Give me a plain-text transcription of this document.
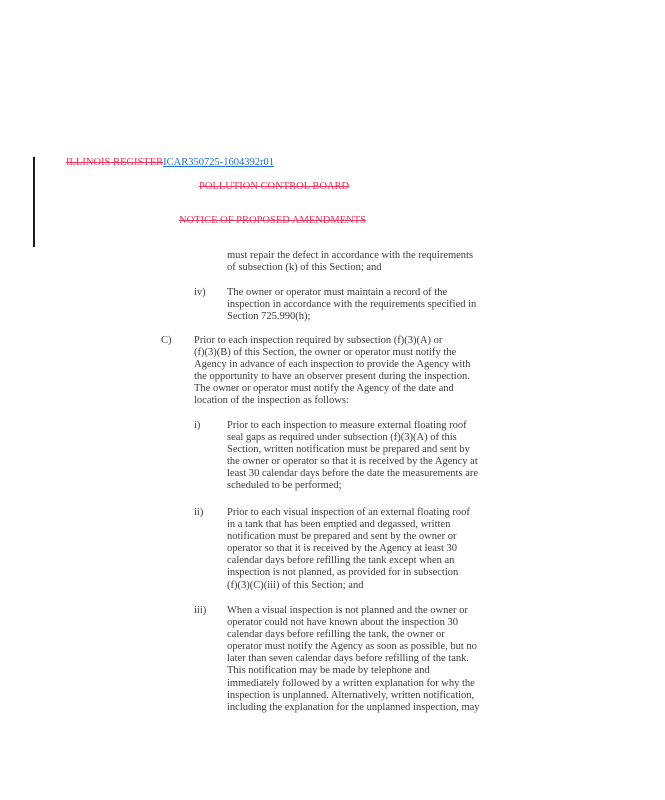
ILLINOIS REGISTERICAR350725-1604392r01
POLLUTION CONTROL BOARD
NOTICE OF PROPOSED AMENDMENTS
must repair the defect in accordance with the requirements
of subsection (k) of this Section; and
iv) The owner or operator must maintain a record of the
inspection in accordance with the requirements specified in
Section 725.990(h);
C) Prior to each inspection required by subsection (f)(3)(A) or
(f)(3)(B) of this Section, the owner or operator must notify the
Agency in advance of each inspection to provide the Agency with
the opportunity to have an observer present during the inspection.
The owner or operator must notify the Agency of the date and
location of the inspection as follows:
i)	Prior to each inspection to measure external floating roof
seal gaps as required under subsection (f)(3)(A) of this
Section, written notification must be prepared and sent by
the owner or operator so that it is received by the Agency at
least 30 calendar days before the date the measurements are
scheduled to be performed;
ii) Prior to each visual inspection of an external floating roof
in a tank that has been emptied and degassed, written
notification must be prepared and sent by the owner or
operator so that it is received by the Agency at least 30
calendar days before refilling the tank except when an
inspection is not planned, as provided for in subsection
(f)(3)(C)(iii) of this Section; and
iii) When a visual inspection is not planned and the owner or
operator could not have known about the inspection 30
calendar days before refilling the tank, the owner or
operator must notify the Agency as soon as possible, but no
later than seven calendar days before refilling of the tank.
This notification may be made by telephone and
immediately followed by a written explanation for why the
inspection is unplanned. Alternatively, written notification,
including the explanation for the unplanned inspection, may
